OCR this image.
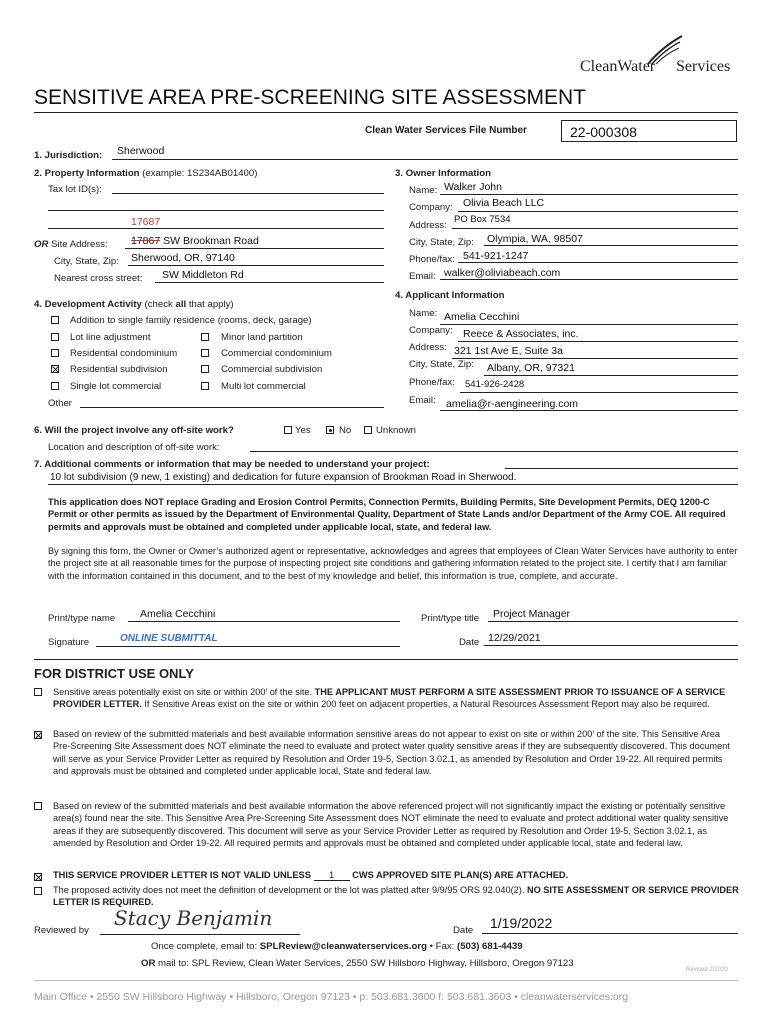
CleanWater Services
SENSITIVE AREA PRE-SCREENING SITE ASSESSMENT
Clean Water Services File Number	22-000308
1. Jurisdiction: Sherwood
2. Property Information (example: 1S234AB01400)
Tax lot ID(s):
17687
OR Site Address: 17867 SW Brookman Road
City, State, Zip: Sherwood, OR, 97140
Nearest cross street: SW Middleton Rd
3. Owner Information
Name: Walker John
Company: Olivia Beach LLC
Address:
PO Box 7534
City, State, Zip: Olympia, WA, 98507
Phone/fax: 541-921-1247
Email: walker@oliviabeach.com
4. Development Activity (check all that apply)
Addition to single family residence (rooms, deck, garage)
Lot line adjustment	Minor land partition
Residential condominium	Commercial condominium
Residential subdivision	Commercial subdivision
Single lot commercial	Multi lot commercial
Other
4. Applicant Information
Name: Amelia Cecchini
Company: Reece & Associates, inc.
Address: 321 1st Ave E, Suite 3a
City, State, Zip: Albany, OR, 97321
Phone/fax: 541-926-2428
Email: amelia@r-aengineering.com
6. Will the project involve any off-site work?	Yes	No	Unknown
Location and description of off-site work:
7. Additional comments or information that may be needed to understand your project:
10 lot subdivision (9 new, 1 existing) and dedication for future expansion of Brookman Road in Sherwood.
This application does NOT replace Grading and Erosion Control Permits, Connection Permits, Building Permits, Site Development Permits, DEQ 1200-C Permit or other permits as issued by the Department of Environmental Quality, Department of State Lands and/or Department of the Army COE. All required permits and approvals must be obtained and completed under applicable local, state, and federal law.
By signing this form, the Owner or Owner’s authorized agent or representative, acknowledges and agrees that employees of Clean Water Services have authority to enter the project site at all reasonable times for the purpose of inspecting project site conditions and gathering information related to the project site. I certify that I am familiar with the information contained in this document, and to the best of my knowledge and belief, this information is true, complete, and accurate.
Print/type name Amelia Cecchini	Print/type title Project Manager
Signature	ONLINE SUBMITTAL	Date 12/29/2021
FOR DISTRICT USE ONLY
Sensitive areas potentially exist on site or within 200’ of the site. THE APPLICANT MUST PERFORM A SITE ASSESSMENT PRIOR TO ISSUANCE OF A SERVICE PROVIDER LETTER. If Sensitive Areas exist on the site or within 200 feet on adjacent properties, a Natural Resources Assessment Report may also be required.
Based on review of the submitted materials and best available information sensitive areas do not appear to exist on site or within 200’ of the site. This Sensitive Area Pre-Screening Site Assessment does NOT eliminate the need to evaluate and protect water quality sensitive areas if they are subsequently discovered. This document will serve as your Service Provider Letter as required by Resolution and Order 19-5, Section 3.02.1, as amended by Resolution and Order 19-22. All required permits and approvals must be obtained and completed under applicable local, State and federal law.
Based on review of the submitted materials and best available information the above referenced project will not significantly impact the existing or potentially sensitive area(s) found near the site. This Sensitive Area Pre-Screening Site Assessment does NOT eliminate the need to evaluate and protect additional water quality sensitive areas if they are subsequently discovered. This document will serve as your Service Provider Letter as required by Resolution and Order 19-5, Section 3.02.1, as amended by Resolution and Order 19-22. All required permits and approvals must be obtained and completed under applicable local, state and federal law.
THIS SERVICE PROVIDER LETTER IS NOT VALID UNLESS 1 CWS APPROVED SITE PLAN(S) ARE ATTACHED.
The proposed activity does not meet the definition of development or the lot was platted after 9/9/95 ORS 92.040(2). NO SITE ASSESSMENT OR SERVICE PROVIDER LETTER IS REQUIRED.
Reviewed by
Stacy Benjamin
Date 1/19/2022
Once complete, email to: SPLReview@cleanwaterservices.org • Fax: (503) 681-4439
OR mail to: SPL Review, Clean Water Services, 2550 SW Hillsboro Highway, Hillsboro, Oregon 97123
Revised 2/2020
Main Office • 2550 SW Hillsboro Highway • Hillsboro, Oregon 97123 • p: 503.681.3600 f: 503.681.3603 • cleanwaterservices.org
